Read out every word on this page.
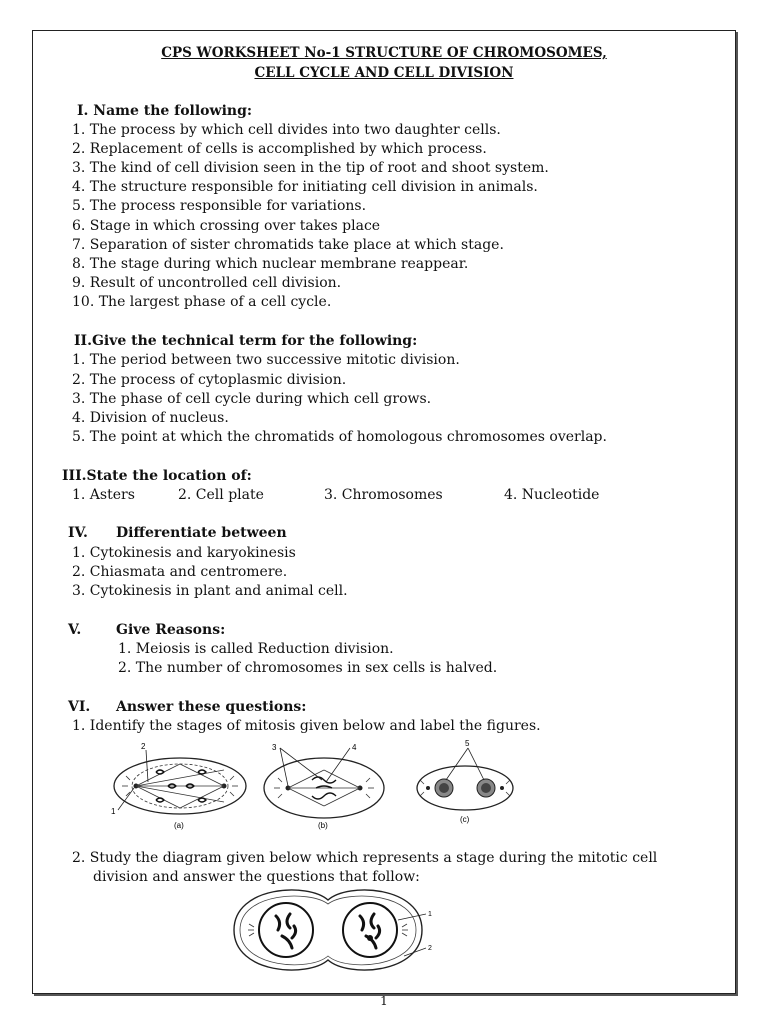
CPS WORKSHEET No-1 STRUCTURE OF CHROMOSOMES,
CELL CYCLE AND CELL DIVISION
I. Name the following:
1. The process by which cell divides into two daughter cells.
2. Replacement of cells is accomplished by which process.
3. The kind of cell division seen in the tip of root and shoot system.
4. The structure responsible for initiating cell division in animals.
5. The process responsible for variations.
6. Stage in which crossing over takes place
7. Separation of sister chromatids take place at which stage.
8. The stage during which nuclear membrane reappear.
9. Result of uncontrolled cell division.
10. The largest phase of a cell cycle.
II.Give the technical term for the following:
1. The period between two successive mitotic division.
2. The process of cytoplasmic division.
3. The phase of cell cycle during which cell grows.
4. Division of nucleus.
5. The point at which the chromatids of homologous chromosomes overlap.
III.State the location of:
1. Asters	2. Cell plate	3. Chromosomes	4. Nucleotide
IV. Differentiate between
1. Cytokinesis and karyokinesis
2. Chiasmata and centromere.
3. Cytokinesis in plant and animal cell.
V. Give Reasons:
1. Meiosis is called Reduction division.
2. The number of chromosomes in sex cells is halved.
VI. Answer these questions:
1. Identify the stages of mitosis given below and label the figures.
2
1
(a)
3	4
(b)
5
(c)
2. Study the diagram given below which represents a stage during the mitotic cell
division and answer the questions that follow:
1
2
1
